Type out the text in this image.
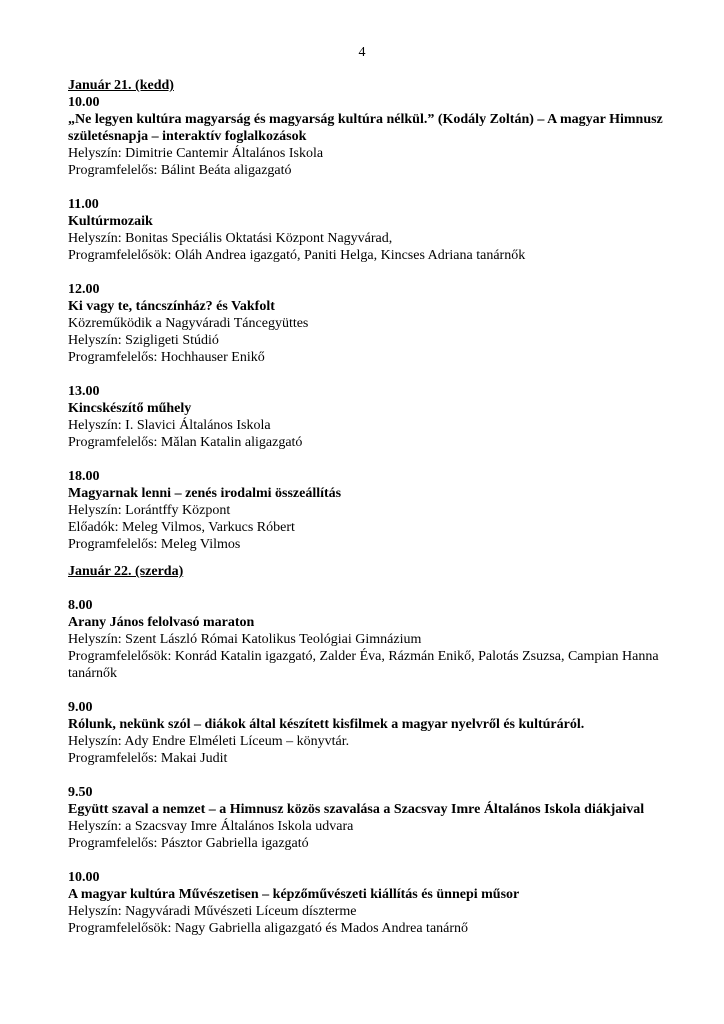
4
Január 21. (kedd)
10.00
„Ne legyen kultúra magyarság és magyarság kultúra nélkül.” (Kodály Zoltán) – A magyar Himnusz születésnapja – interaktív foglalkozások
Helyszín: Dimitrie Cantemir Általános Iskola
Programfelelős: Bálint Beáta aligazgató
11.00
Kultúrmozaik
Helyszín: Bonitas Speciális Oktatási Központ Nagyvárad,
Programfelelősök: Oláh Andrea igazgató, Paniti Helga, Kincses Adriana tanárnők
12.00
Ki vagy te, táncszínház? és Vakfolt
Közreműködik a Nagyváradi Táncegyüttes
Helyszín: Szigligeti Stúdió
Programfelelős: Hochhauser Enikő
13.00
Kincskészítő műhely
Helyszín: I. Slavici Általános Iskola
Programfelelős: Mălan Katalin aligazgató
18.00
Magyarnak lenni – zenés irodalmi összeállítás
Helyszín: Lorántffy Központ
Előadók: Meleg Vilmos, Varkucs Róbert
Programfelelős: Meleg Vilmos
Január 22. (szerda)
8.00
Arany János felolvasó maraton
Helyszín: Szent László Római Katolikus Teológiai Gimnázium
Programfelelősök: Konrád Katalin igazgató, Zalder Éva, Rázmán Enikő, Palotás Zsuzsa, Campian Hanna tanárnők
9.00
Rólunk, nekünk szól – diákok által készített kisfilmek a magyar nyelvről és kultúráról.
Helyszín: Ady Endre Elméleti Líceum – könyvtár.
Programfelelős: Makai Judit
9.50
Együtt szaval a nemzet – a Himnusz közös szavalása a Szacsvay Imre Általános Iskola diákjaival
Helyszín: a Szacsvay Imre Általános Iskola udvara
Programfelelős: Pásztor Gabriella igazgató
10.00
A magyar kultúra Művészetisen – képzőművészeti kiállítás és ünnepi műsor
Helyszín: Nagyváradi Művészeti Líceum díszterme
Programfelelősök: Nagy Gabriella aligazgató és Mados Andrea tanárnő
